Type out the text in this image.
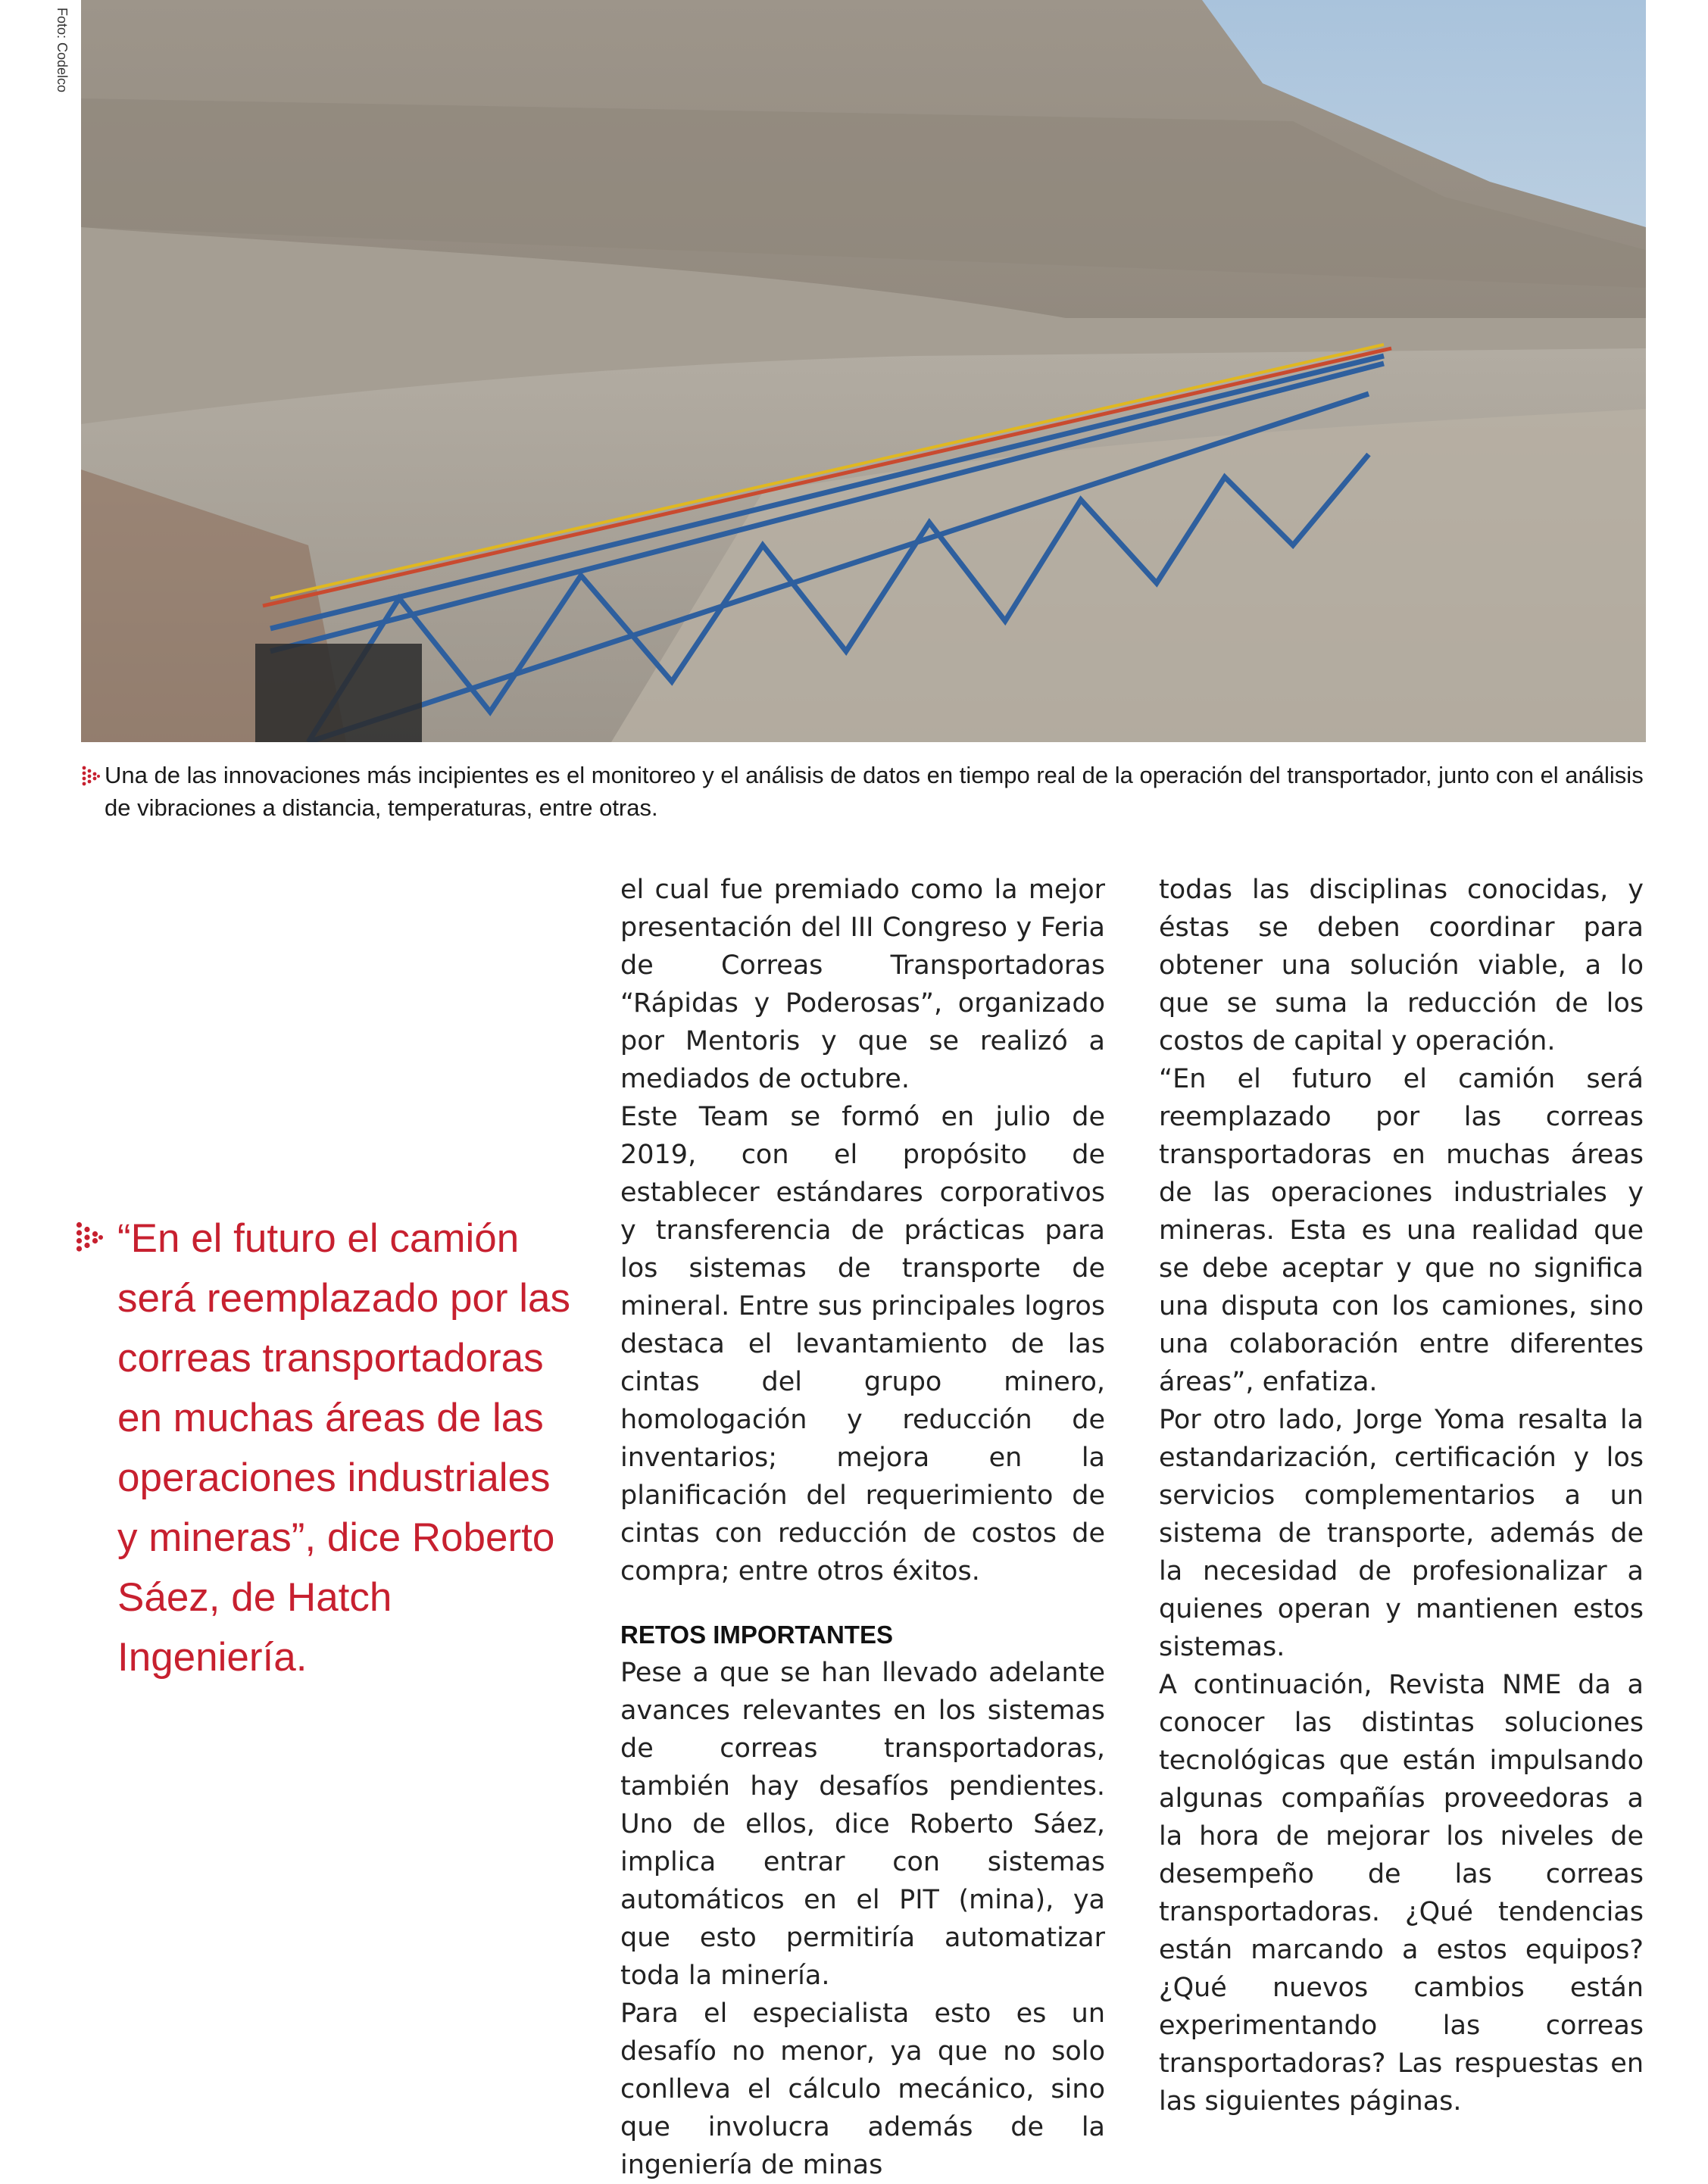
Foto: Codelco
Una de las innovaciones más incipientes es el monitoreo y el análisis de datos en tiempo real de la operación del transportador, junto con el análisis de vibraciones a distancia, temperaturas, entre otras.
“En el futuro el camión será reemplazado por las correas transportadoras en muchas áreas de las operaciones industriales y mineras”, dice Roberto Sáez, de Hatch Ingeniería.

el cual fue premiado como la mejor presentación del III Congreso y Feria de Correas Transportadoras “Rápidas y Poderosas”, organizado por Mentoris y que se realizó a mediados de octubre.

Este Team se formó en julio de 2019, con el propósito de establecer estándares corporativos y transferencia de prácticas para los sistemas de transporte de mineral. Entre sus principales logros destaca el levantamiento de las cintas del grupo minero, homologación y reducción de inventarios; mejora en la planificación del requerimiento de cintas con reducción de costos de compra; entre otros éxitos.

RETOS IMPORTANTES

Pese a que se han llevado adelante avances relevantes en los sistemas de correas transportadoras, también hay desafíos pendientes. Uno de ellos, dice Roberto Sáez, implica entrar con sistemas automáticos en el PIT (mina), ya que esto permitiría automatizar toda la minería.

Para el especialista esto es un desafío no menor, ya que no solo conlleva el cálculo mecánico, sino que involucra además de la ingeniería de minas

todas las disciplinas conocidas, y éstas se deben coordinar para obtener una solución viable, a lo que se suma la reducción de los costos de capital y operación.

“En el futuro el camión será reemplazado por las correas transportadoras en muchas áreas de las operaciones industriales y mineras. Esta es una realidad que se debe aceptar y que no significa una disputa con los camiones, sino una colaboración entre diferentes áreas”, enfatiza.

Por otro lado, Jorge Yoma resalta la estandarización, certificación y los servicios complementarios a un sistema de transporte, además de la necesidad de profesionalizar a quienes operan y mantienen estos sistemas.

A continuación, Revista NME da a conocer las distintas soluciones tecnológicas que están impulsando algunas compañías proveedoras a la hora de mejorar los niveles de desempeño de las correas transportadoras. ¿Qué tendencias están marcando a estos equipos? ¿Qué nuevos cambios están experimentando las correas transportadoras? Las respuestas en las siguientes páginas.
